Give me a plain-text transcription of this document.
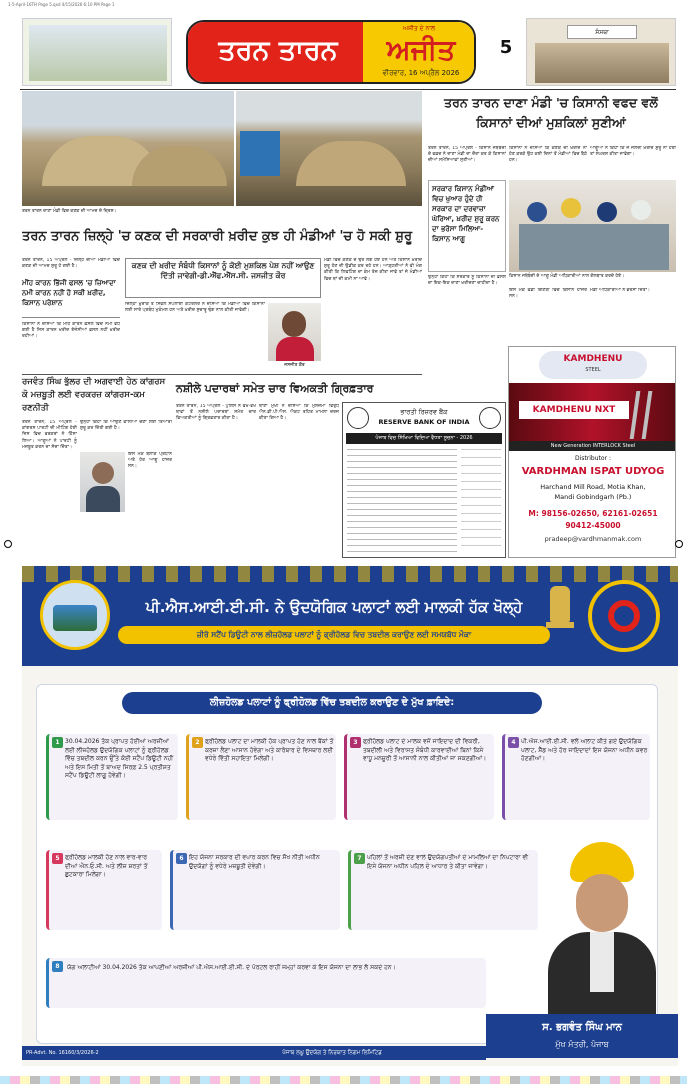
1-5-April-16TH Page 5.qxd 4/15/2026 6:10 PM Page 1
ਤਰਨ ਤਾਰਨ
ਅਜੀਤ ਦੇ ਨਾਲ
ਅਜੀਤ
ਵੀਰਵਾਰ, 16 ਅਪ੍ਰੈਲ 2026
5
ਸੰਸਥਾ
ਤਰਨ ਤਾਰਨ ਦਾਣਾ ਮੰਡੀ ਵਿਚ ਕਣਕ ਦੀ ਆਮਦ ਦੇ ਦ੍ਰਿਸ਼।
ਤਰਨ ਤਾਰਨ ਦਾਣਾ ਮੰਡੀ 'ਚ ਕਿਸਾਨੀ ਵਫਦ ਵਲੋਂ ਕਿਸਾਨਾਂ ਦੀਆਂ ਮੁਸ਼ਕਿਲਾਂ ਸੁਣੀਆਂ
ਤਰਨ ਤਾਰਨ, 15 ਅਪ੍ਰੈਲ - ਕਿਸਾਨ ਜਥੇਬੰਦੀ ਦੇ ਵਫ਼ਦ ਨੇ ਦਾਣਾ ਮੰਡੀ ਦਾ ਦੌਰਾ ਕਰ ਕੇ ਕਿਸਾਨਾਂ ਦੀਆਂ ਸਮੱਸਿਆਵਾਂ ਸੁਣੀਆਂ।
ਕਿਸਾਨਾਂ ਨੇ ਦੱਸਿਆ ਕਿ ਕਣਕ ਦੀ ਖ਼ਰੀਦ ਨਾ ਹੋਣ ਕਰਕੇ ਉਹ ਕਈ ਦਿਨਾਂ ਤੋਂ ਮੰਡੀਆਂ ਵਿਚ ਬੈਠੇ ਹਨ।
ਆਗੂਆਂ ਨੇ ਕਿਹਾ ਕਿ ਜੇ ਜਲਦੀ ਖ਼ਰੀਦ ਸ਼ੁਰੂ ਨਾ ਹੋਈ ਤਾਂ ਸੰਘਰਸ਼ ਕੀਤਾ ਜਾਵੇਗਾ।
ਸਰਕਾਰ ਕਿਸਾਨ ਮੰਡੀਆਂ ਵਿਚ ਖੁਆਰ ਹੁੰਦੇ ਹੀ ਸਰਕਾਰ ਦਾ ਦਰਵਾਜ਼ਾ ਘੇਰਿਆ, ਖ਼ਰੀਦ ਸ਼ੁਰੂ ਕਰਨ ਦਾ ਭਰੋਸਾ ਮਿਲਿਆ- ਕਿਸਾਨ ਆਗੂ
ਕਿਸਾਨ ਜਥੇਬੰਦੀ ਦੇ ਆਗੂ ਮੰਡੀ ਅਧਿਕਾਰੀਆਂ ਨਾਲ ਗੱਲਬਾਤ ਕਰਦੇ ਹੋਏ।
ਉਨ੍ਹਾਂ ਕਿਹਾ ਕਿ ਸਰਕਾਰ ਨੂੰ ਕਿਸਾਨਾਂ ਦੀ ਫ਼ਸਲ ਦਾ ਇਕ-ਇਕ ਦਾਣਾ ਖ਼ਰੀਦਣਾ ਚਾਹੀਦਾ ਹੈ।
ਇਸ ਮੌਕੇ ਵੱਡੀ ਗਿਣਤੀ ਵਿਚ ਕਿਸਾਨ ਹਾਜ਼ਰ ਸਨ।
ਮੰਡੀ ਅਧਿਕਾਰੀਆਂ ਨੇ ਭਰੋਸਾ ਦਿੱਤਾ।
ਤਰਨ ਤਾਰਨ ਜ਼ਿਲ੍ਹੇ 'ਚ ਕਣਕ ਦੀ ਸਰਕਾਰੀ ਖ਼ਰੀਦ ਕੁਝ ਹੀ ਮੰਡੀਆਂ 'ਚ ਹੋ ਸਕੀ ਸ਼ੁਰੂ
ਤਰਨ ਤਾਰਨ, 15 ਅਪ੍ਰੈਲ - ਜ਼ਿਲ੍ਹੇ ਦੀਆਂ ਮੰਡੀਆਂ ਵਿਚ ਕਣਕ ਦੀ ਆਮਦ ਸ਼ੁਰੂ ਹੋ ਗਈ ਹੈ।
ਮੀਂਹ ਕਾਰਨ ਭਿੱਜੀ ਫਸਲ 'ਚ ਜ਼ਿਆਦਾ ਨਮੀ ਕਾਰਨ ਨਹੀਂ ਹੋ ਸਕੀ ਖ਼ਰੀਦ, ਕਿਸਾਨ ਪਰੇਸ਼ਾਨ
ਕਿਸਾਨਾਂ ਨੇ ਦੱਸਿਆ ਕਿ ਮੀਂਹ ਕਾਰਨ ਫ਼ਸਲ ਵਿਚ ਨਮੀ ਵਧ ਗਈ ਹੈ ਜਿਸ ਕਾਰਨ ਖ਼ਰੀਦ ਏਜੰਸੀਆਂ ਫ਼ਸਲ ਨਹੀਂ ਖ਼ਰੀਦ ਰਹੀਆਂ।
ਕਣਕ ਦੀ ਖ਼ਰੀਦ ਸੰਬੰਧੀ ਕਿਸਾਨਾਂ ਨੂੰ ਕੋਈ ਮੁਸ਼ਕਿਲ ਪੇਸ਼ ਨਹੀਂ ਆਉਣ ਦਿੱਤੀ ਜਾਵੇਗੀ-ਡੀ.ਐੱਫ.ਐੱਸ.ਸੀ. ਜਸਜੀਤ ਕੌਰ
ਜ਼ਿਲ੍ਹਾ ਖ਼ੁਰਾਕ ਤੇ ਸਿਵਲ ਸਪਲਾਈ ਕੰਟਰੋਲਰ ਨੇ ਦੱਸਿਆ ਕਿ ਮੰਡੀਆਂ ਵਿਚ ਕਿਸਾਨਾਂ ਲਈ ਸਾਰੇ ਪ੍ਰਬੰਧ ਮੁਕੰਮਲ ਹਨ ਅਤੇ ਖ਼ਰੀਦ ਸੁਚਾਰੂ ਢੰਗ ਨਾਲ ਕੀਤੀ ਜਾਵੇਗੀ।
ਜਸਜੀਤ ਕੌਰ
ਮੰਡੀ ਵਿਚ ਕਣਕ ਦੇ ਢੇਰ ਲੱਗੇ ਹੋਏ ਹਨ ਅਤੇ ਕਿਸਾਨ ਖ਼ਰੀਦ ਸ਼ੁਰੂ ਹੋਣ ਦੀ ਉਡੀਕ ਕਰ ਰਹੇ ਹਨ। ਆੜ੍ਹਤੀਆਂ ਨੇ ਵੀ ਮੰਗ ਕੀਤੀ ਕਿ ਲਿਫਟਿੰਗ ਦਾ ਕੰਮ ਤੇਜ਼ ਕੀਤਾ ਜਾਵੇ ਤਾਂ ਜੋ ਮੰਡੀਆਂ ਵਿਚ ਥਾਂ ਦੀ ਕਮੀ ਨਾ ਆਵੇ।
ਰਜਵੰਤ ਸਿੰਘ ਭੁੱਲਰ ਦੀ ਅਗਵਾਈ ਹੇਠ ਕਾਂਗਰਸ ਕੋ ਮਜ਼ਬੂਤੀ ਲਈ ਵਰਕਰਜ਼ ਕਾਂਗਰਸ-ਕਮ ਰਣਨੀਤੀ
ਤਰਨ ਤਾਰਨ, 15 ਅਪ੍ਰੈਲ - ਕਾਂਗਰਸ ਪਾਰਟੀ ਦੀ ਮੀਟਿੰਗ ਹੋਈ ਜਿਸ ਵਿਚ ਵਰਕਰਾਂ ਨੇ ਹਿੱਸਾ ਲਿਆ। ਆਗੂਆਂ ਨੇ ਪਾਰਟੀ ਨੂੰ ਮਜ਼ਬੂਤ ਕਰਨ ਦਾ ਸੱਦਾ ਦਿੱਤਾ।
ਉਨ੍ਹਾਂ ਕਿਹਾ ਕਿ ਆਉਣ ਵਾਲੀਆਂ ਚੋਣਾਂ ਲਈ ਤਿਆਰੀ ਸ਼ੁਰੂ ਕਰ ਦਿੱਤੀ ਗਈ ਹੈ।
ਇਸ ਮੌਕੇ ਬਲਾਕ ਪ੍ਰਧਾਨ ਅਤੇ ਹੋਰ ਆਗੂ ਹਾਜ਼ਰ ਸਨ।
ਨਸ਼ੀਲੇ ਪਦਾਰਥਾਂ ਸਮੇਤ ਚਾਰ ਵਿਅਕਤੀ ਗ੍ਰਿਫ਼ਤਾਰ
ਤਰਨ ਤਾਰਨ, 15 ਅਪ੍ਰੈਲ - ਪੁਲਿਸ ਨੇ ਵੱਖ-ਵੱਖ ਥਾਵਾਂ ਤੋਂ ਨਸ਼ੀਲੇ ਪਦਾਰਥਾਂ ਸਮੇਤ ਚਾਰ ਵਿਅਕਤੀਆਂ ਨੂੰ ਗ੍ਰਿਫ਼ਤਾਰ ਕੀਤਾ ਹੈ।
ਥਾਣਾ ਮੁਖੀ ਨੇ ਦੱਸਿਆ ਕਿ ਮੁਲਜ਼ਮਾਂ ਵਿਰੁੱਧ ਐਨ.ਡੀ.ਪੀ.ਐਸ. ਐਕਟ ਤਹਿਤ ਮਾਮਲਾ ਦਰਜ ਕੀਤਾ ਗਿਆ ਹੈ।
ਭਾਰਤੀ ਰਿਜ਼ਰਵ ਬੈਂਕ
RESERVE BANK OF INDIA
ਪੰਜਾਬ ਵਿਚ ਸਿੱਖਿਆ ਵਿਦਿਆ ਵੈਧਤਾ ਸੂਚਨਾ - 2026
KAMDHENU
STEEL
KAMDHENU NXT
New Generation INTERLOCK Steel
Distributor :
VARDHMAN ISPAT UDYOG
Harchand Mill Road, Motia Khan,
Mandi Gobindgarh (Pb.)
M: 98156-02650, 62161-02651
90412-45000
pradeep@vardhmanmak.com
ਪੀ.ਐਸ.ਆਈ.ਈ.ਸੀ. ਨੇ ਉਦਯੋਗਿਕ ਪਲਾਟਾਂ ਲਈ ਮਾਲਕੀ ਹੱਕ ਖੋਲ੍ਹੇ
ਜ਼ੀਰੋ ਸਟੈਂਪ ਡਿਊਟੀ ਨਾਲ ਲੀਜ਼ਹੋਲਡ ਪਲਾਟਾਂ ਨੂੰ ਫ੍ਰੀਹੋਲਡ ਵਿਚ ਤਬਦੀਲ ਕਰਾਉਣ ਲਈ ਸਮਯਬੱਧ ਮੌਕਾ
ਲੀਜ਼ਹੋਲਡ ਪਲਾਟਾਂ ਨੂੰ ਫ੍ਰੀਹੋਲਡ ਵਿੱਚ ਤਬਦੀਲ ਕਰਾਉਣ ਦੇ ਮੁੱਖ ਫ਼ਾਇਦੇ:
1 30.04.2026 ਤੱਕ ਪ੍ਰਾਪਤ ਹੋਈਆਂ ਅਰਜ਼ੀਆਂ ਲਈ ਲੀਜ਼ਹੋਲਡ ਉਦਯੋਗਿਕ ਪਲਾਟਾਂ ਨੂੰ ਫ੍ਰੀਹੋਲਡ ਵਿੱਚ ਤਬਦੀਲ ਕਰਨ ਉੱਤੇ ਕੋਈ ਸਟੈਂਪ ਡਿਊਟੀ ਨਹੀਂ ਅਤੇ ਇਸ ਮਿਤੀ ਤੋਂ ਬਾਅਦ ਸਿਰਫ਼ 2.5 ਪ੍ਰਤੀਸ਼ਤ ਸਟੈਂਪ ਡਿਊਟੀ ਲਾਗੂ ਹੋਵੇਗੀ।
2 ਫ੍ਰੀਹੋਲਡ ਪਲਾਟ ਦਾ ਮਾਲਕੀ ਹੱਕ ਪ੍ਰਾਪਤ ਹੋਣ ਨਾਲ ਬੈਂਕਾਂ ਤੋਂ ਕਰਜ਼ਾ ਲੈਣਾ ਆਸਾਨ ਹੋਵੇਗਾ ਅਤੇ ਕਾਰੋਬਾਰ ਦੇ ਵਿਸਥਾਰ ਲਈ ਵਧੇਰੇ ਵਿੱਤੀ ਸਹਾਇਤਾ ਮਿਲੇਗੀ।
3 ਫ੍ਰੀਹੋਲਡ ਪਲਾਟ ਦੇ ਮਾਲਕ ਵਜੋਂ ਜਾਇਦਾਦ ਦੀ ਵਿਕਰੀ, ਤਬਦੀਲੀ ਅਤੇ ਵਿਰਾਸਤ ਸੰਬੰਧੀ ਕਾਰਵਾਈਆਂ ਬਿਨਾਂ ਕਿਸੇ ਵਾਧੂ ਮਨਜ਼ੂਰੀ ਤੋਂ ਆਸਾਨੀ ਨਾਲ ਕੀਤੀਆਂ ਜਾ ਸਕਣਗੀਆਂ।
4 ਪੀ.ਐਸ.ਆਈ.ਈ.ਸੀ. ਵਲੋਂ ਅਲਾਟ ਕੀਤੇ ਗਏ ਉਦਯੋਗਿਕ ਪਲਾਟ, ਸ਼ੈੱਡ ਅਤੇ ਹੋਰ ਜਾਇਦਾਦਾਂ ਇਸ ਯੋਜਨਾ ਅਧੀਨ ਕਵਰ ਹੋਣਗੀਆਂ।
5 ਫ੍ਰੀਹੋਲਡ ਮਾਲਕੀ ਹੋਣ ਨਾਲ ਵਾਰ-ਵਾਰ ਦੀਆਂ ਐਨ.ਓ.ਸੀ. ਅਤੇ ਲੀਜ਼ ਸ਼ਰਤਾਂ ਤੋਂ ਛੁਟਕਾਰਾ ਮਿਲੇਗਾ।
6 ਇਹ ਯੋਜਨਾ ਸਰਕਾਰ ਦੀ ਵਪਾਰ ਕਰਨ ਵਿਚ ਸੌਖ ਨੀਤੀ ਅਧੀਨ ਉਦਯੋਗਾਂ ਨੂੰ ਵਧੇਰੇ ਮਜ਼ਬੂਤੀ ਦੇਵੇਗੀ।
7 ਪਹਿਲਾਂ ਤੋਂ ਅਰਜ਼ੀ ਦੇਣ ਵਾਲੇ ਉਦਯੋਗਪਤੀਆਂ ਦੇ ਮਾਮਲਿਆਂ ਦਾ ਨਿਪਟਾਰਾ ਵੀ ਇਸੇ ਯੋਜਨਾ ਅਧੀਨ ਪਹਿਲ ਦੇ ਆਧਾਰ ਤੇ ਕੀਤਾ ਜਾਵੇਗਾ।
8	ਯੋਗ ਅਲਾਟੀਆਂ 30.04.2026 ਤੱਕ ਆਪਣੀਆਂ ਅਰਜ਼ੀਆਂ ਪੀ.ਐਸ.ਆਈ.ਈ.ਸੀ. ਦੇ ਪੋਰਟਲ ਰਾਹੀਂ ਜਮ੍ਹਾਂ ਕਰਵਾ ਕੇ ਇਸ ਯੋਜਨਾ ਦਾ ਲਾਭ ਲੈ ਸਕਦੇ ਹਨ।
ਸ. ਭਗਵੰਤ ਸਿੰਘ ਮਾਨ
ਮੁੱਖ ਮੰਤਰੀ, ਪੰਜਾਬ
PR-Advt. No. 16160/3/2026-2	ਪੰਜਾਬ ਲਘੂ ਉਦਯੋਗ ਤੇ ਨਿਰਯਾਤ ਨਿਗਮ ਲਿਮਿਟਿਡ
